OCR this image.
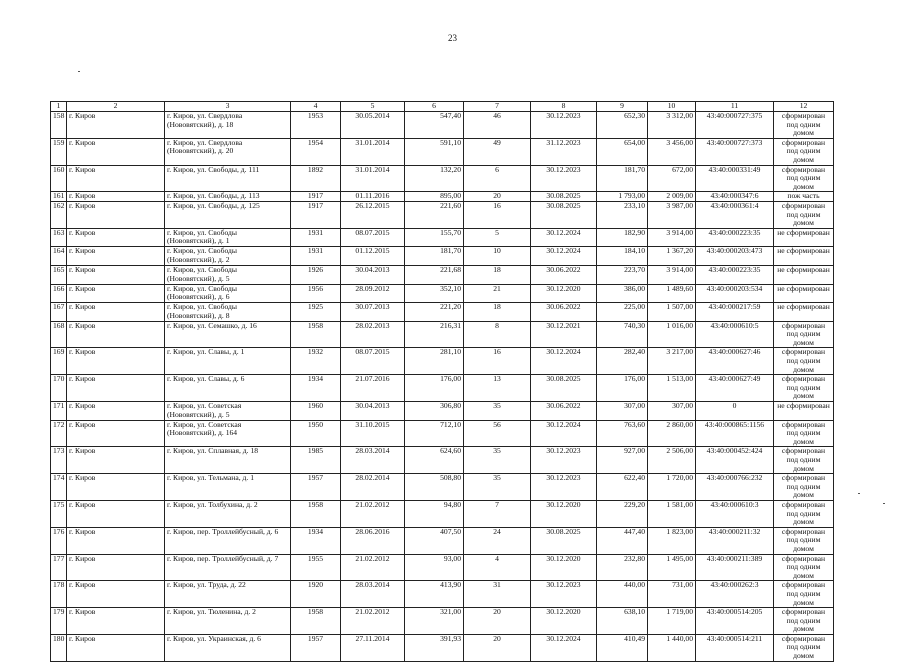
23
1	2	3	4	5	6	7	8	9	10	11	12
158	г. Киров	г. Киров, ул. Свердлова (Нововятский), д. 18	1953	30.05.2014	547,40	46	30.12.2023	652,30	3 312,00	43:40:000727:375	сформирован под одним домом
159	г. Киров	г. Киров, ул. Свердлова (Нововятский), д. 20	1954	31.01.2014	591,10	49	31.12.2023	654,00	3 456,00	43:40:000727:373	сформирован под одним домом
160	г. Киров	г. Киров, ул. Свободы, д. 111	1892	31.01.2014	132,20	6	30.12.2023	181,70	672,00	43:40:000331:49	сформирован под одним домом
161	г. Киров	г. Киров, ул. Свободы, д. 113	1917	01.11.2016	895,00	20	30.08.2025	1 793,00	2 009,00	43:40:000347:6	пож часть
162	г. Киров	г. Киров, ул. Свободы, д. 125	1917	26.12.2015	221,60	16	30.08.2025	233,10	3 987,00	43:40:000361:4	сформирован под одним домом
163	г. Киров	г. Киров, ул. Свободы (Нововятский), д. 1	1931	08.07.2015	155,70	5	30.12.2024	182,90	3 914,00	43:40:000223:35	не сформирован
164	г. Киров	г. Киров, ул. Свободы (Нововятский), д. 2	1931	01.12.2015	181,70	10	30.12.2024	184,10	1 367,20	43:40:000203:473	не сформирован
165	г. Киров	г. Киров, ул. Свободы (Нововятский), д. 5	1926	30.04.2013	221,68	18	30.06.2022	223,70	3 914,00	43:40:000223:35	не сформирован
166	г. Киров	г. Киров, ул. Свободы (Нововятский), д. 6	1956	28.09.2012	352,10	21	30.12.2020	386,00	1 489,60	43:40:000203:534	не сформирован
167	г. Киров	г. Киров, ул. Свободы (Нововятский), д. 8	1925	30.07.2013	221,20	18	30.06.2022	225,00	1 507,00	43:40:000217:59	не сформирован
168	г. Киров	г. Киров, ул. Семашко, д. 16	1958	28.02.2013	216,31	8	30.12.2021	740,30	1 016,00	43:40:000610:5	сформирован под одним домом
169	г. Киров	г. Киров, ул. Славы, д. 1	1932	08.07.2015	281,10	16	30.12.2024	282,40	3 217,00	43:40:000627:46	сформирован под одним домом
170	г. Киров	г. Киров, ул. Славы, д. 6	1934	21.07.2016	176,00	13	30.08.2025	176,00	1 513,00	43:40:000627:49	сформирован под одним домом
171	г. Киров	г. Киров, ул. Советская (Нововятский), д. 5	1960	30.04.2013	306,80	35	30.06.2022	307,00	307,00	0	не сформирован
172	г. Киров	г. Киров, ул. Советская (Нововятский), д. 164	1950	31.10.2015	712,10	56	30.12.2024	763,60	2 860,00	43:40:000865:1156	сформирован под одним домом
173	г. Киров	г. Киров, ул. Сплавная, д. 18	1985	28.03.2014	624,60	35	30.12.2023	927,00	2 506,00	43:40:000452:424	сформирован под одним домом
174	г. Киров	г. Киров, ул. Тельмана, д. 1	1957	28.02.2014	508,80	35	30.12.2023	622,40	1 720,00	43:40:000766:232	сформирован под одним домом
175	г. Киров	г. Киров, ул. Толбухина, д. 2	1958	21.02.2012	94,80	7	30.12.2020	229,20	1 581,00	43:40:000610:3	сформирован под одним домом
176	г. Киров	г. Киров, пер. Троллейбусный, д. 6	1934	28.06.2016	407,50	24	30.08.2025	447,40	1 823,00	43:40:000211:32	сформирован под одним домом
177	г. Киров	г. Киров, пер. Троллейбусный, д. 7	1955	21.02.2012	93,00	4	30.12.2020	232,80	1 495,00	43:40:000211:389	сформирован под одним домом
178	г. Киров	г. Киров, ул. Труда, д. 22	1920	28.03.2014	413,90	31	30.12.2023	440,00	731,00	43:40:000262:3	сформирован под одним домом
179	г. Киров	г. Киров, ул. Тюленина, д. 2	1958	21.02.2012	321,00	20	30.12.2020	638,10	1 719,00	43:40:000514:205	сформирован под одним домом
180	г. Киров	г. Киров, ул. Украинская, д. 6	1957	27.11.2014	391,93	20	30.12.2024	410,49	1 440,00	43:40:000514:211	сформирован под одним домом
